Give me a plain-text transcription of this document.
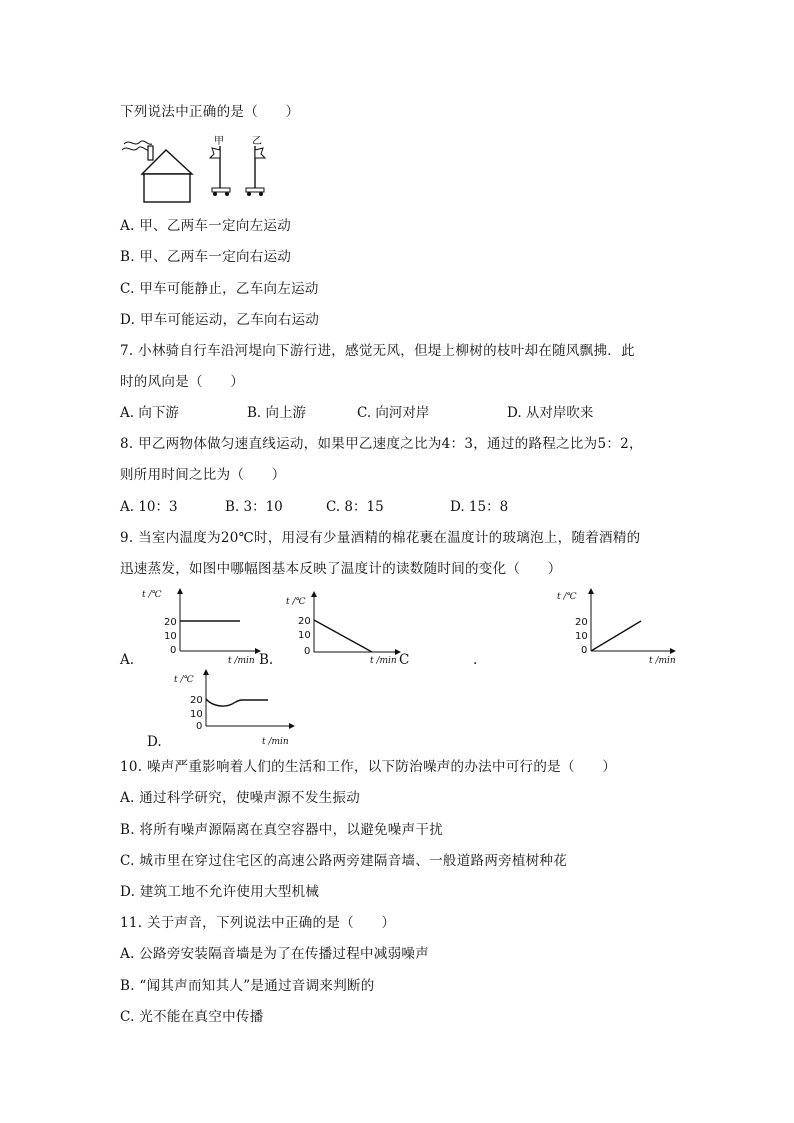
下列说法中正确的是（　　）
甲	乙
A. 甲、乙两车一定向左运动
B. 甲、乙两车一定向右运动
C. 甲车可能静止，乙车向左运动
D. 甲车可能运动，乙车向右运动
7. 小林骑自行车沿河堤向下游行进，感觉无风，但堤上柳树的枝叶却在随风飘拂．此
时的风向是（　　）
A. 向下游	B. 向上游	C. 向河对岸	D. 从对岸吹来
8. 甲乙两物体做匀速直线运动，如果甲乙速度之比为4：3，通过的路程之比为5：2，
则所用时间之比为（　　）
A. 10：3	B. 3：10	C. 8：15	D. 15：8
9. 当室内温度为20℃时，用浸有少量酒精的棉花裹在温度计的玻璃泡上，随着酒精的
迅速蒸发，如图中哪幅图基本反映了温度计的读数随时间的变化（　　）
t /℃
20
10
0
t /min
A.	B.
t /℃
20
10
0
t /min C	.
t /℃
20
10
0
t /min
t /℃
20
10
0
t /min
D.
10. 噪声严重影响着人们的生活和工作，以下防治噪声的办法中可行的是（　　）
A. 通过科学研究，使噪声源不发生振动
B. 将所有噪声源隔离在真空容器中，以避免噪声干扰
C. 城市里在穿过住宅区的高速公路两旁建隔音墙、一般道路两旁植树种花
D. 建筑工地不允许使用大型机械
11. 关于声音，下列说法中正确的是（　　）
A. 公路旁安装隔音墙是为了在传播过程中减弱噪声
B. “闻其声而知其人”是通过音调来判断的
C. 光不能在真空中传播
